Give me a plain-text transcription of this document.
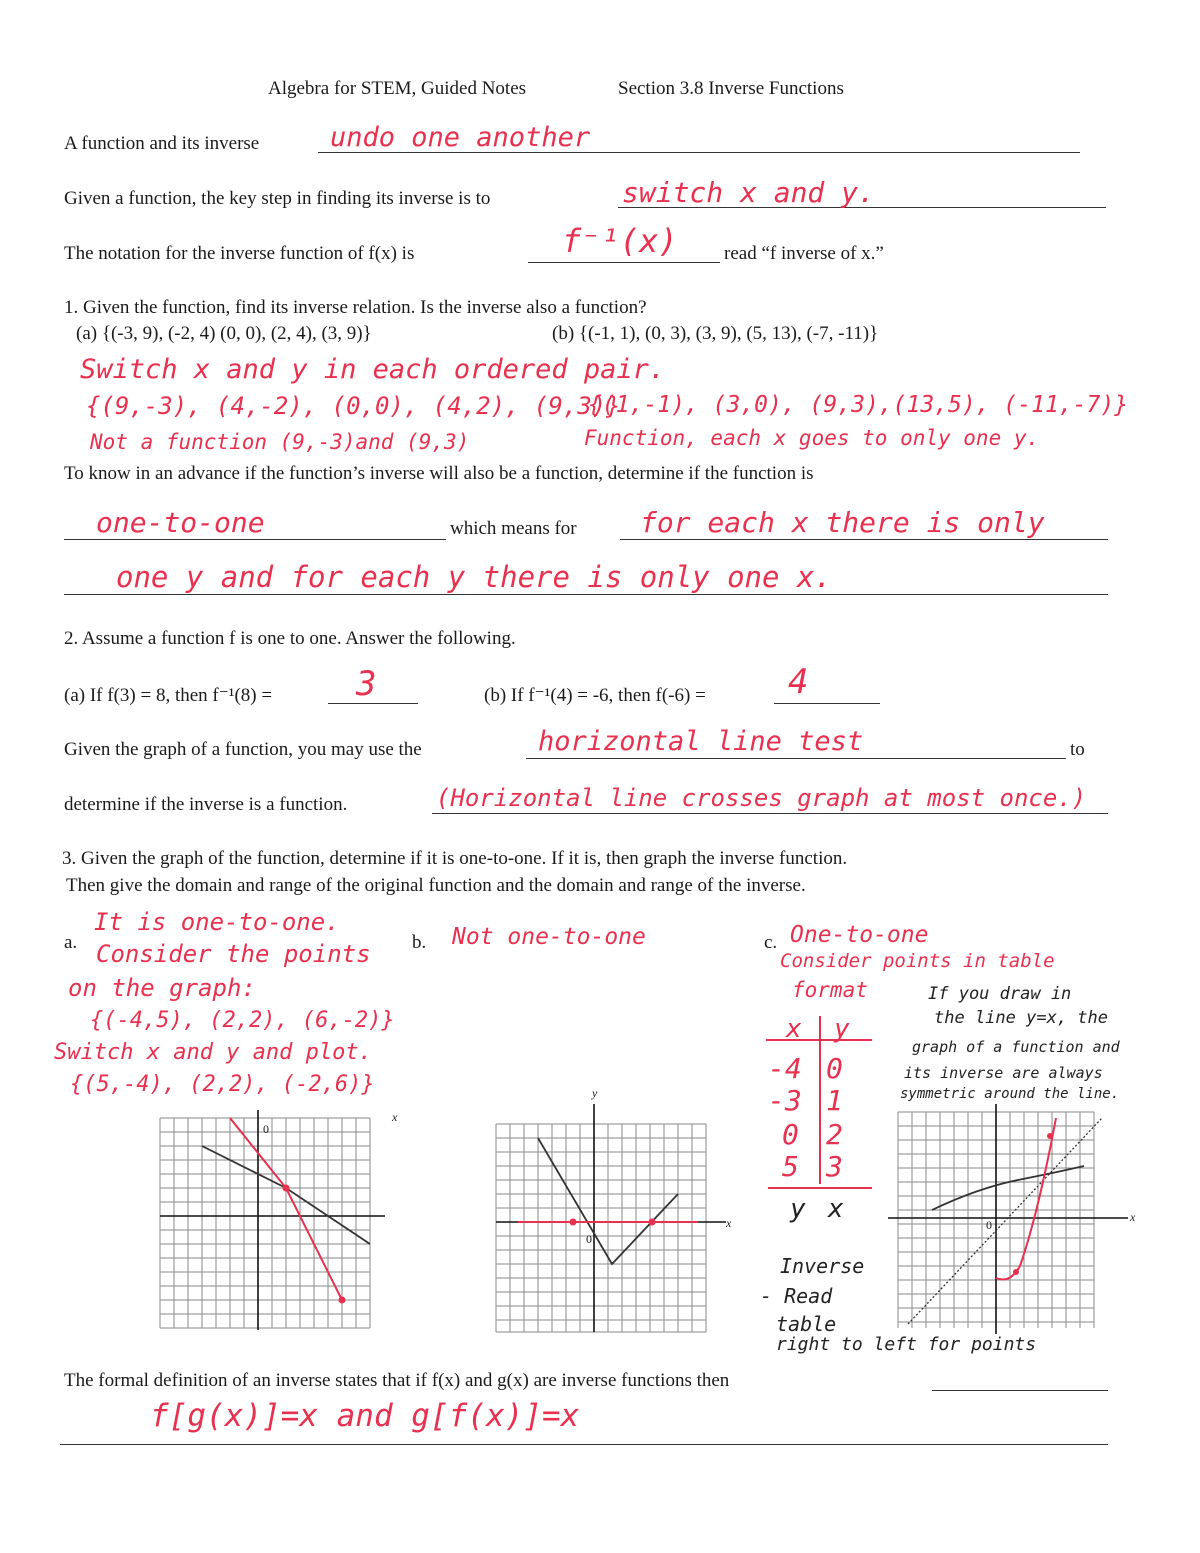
Algebra for STEM, Guided Notes	Section 3.8 Inverse Functions
A function and its inverse	undo one another
Given a function, the key step in finding its inverse is to	switch x and y.
The notation for the inverse function of f(x) is	f⁻¹(x) read “f inverse of x.”
1. Given the function, find its inverse relation. Is the inverse also a function?
(a) {(-3, 9), (-2, 4) (0, 0), (2, 4), (3, 9)}	(b) {(-1, 1), (0, 3), (3, 9), (5, 13), (-7, -11)}
Switch x and y in each ordered pair.
{(9,-3), (4,-2), (0,0), (4,2), (9,3)}
{(1,-1), (3,0), (9,3),(13,5), (-11,-7)}
Not a function (9,-3)and (9,3)	Function, each x goes to only one y.
To know in an advance if the function’s inverse will also be a function, determine if the function is
one-to-one	which means for for each x there is only
one y and for each y there is only one x.
2. Assume a function f is one to one. Answer the following.
(a) If f(3) = 8, then f⁻¹(8) = 3	(b) If f⁻¹(4) = -6, then f(-6) = 4
Given the graph of a function, you may use the	horizontal line test	to
determine if the inverse is a function.	(Horizontal line crosses graph at most once.)
3. Given the graph of the function, determine if it is one-to-one. If it is, then graph the inverse function.
Then give the domain and range of the original function and the domain and range of the inverse.
a.	b.	c.
It is one-to-one.
Consider the points
on the graph:
{(-4,5), (2,2), (6,-2)}
Switch x and y and plot.
{(5,-4), (2,2), (-2,6)}
Not one-to-one	One-to-one
Consider points in table
format	If you draw in
the line y=x, the
graph of a function and
its inverse are always
symmetric around the line.
x y
-4 0
-3 1
0 2
5 3
y x
Inverse
- Read
table
right to left for points
x
0
y
x
0
x
0
The formal definition of an inverse states that if f(x) and g(x) are inverse functions then
f[g(x)]=x and g[f(x)]=x
